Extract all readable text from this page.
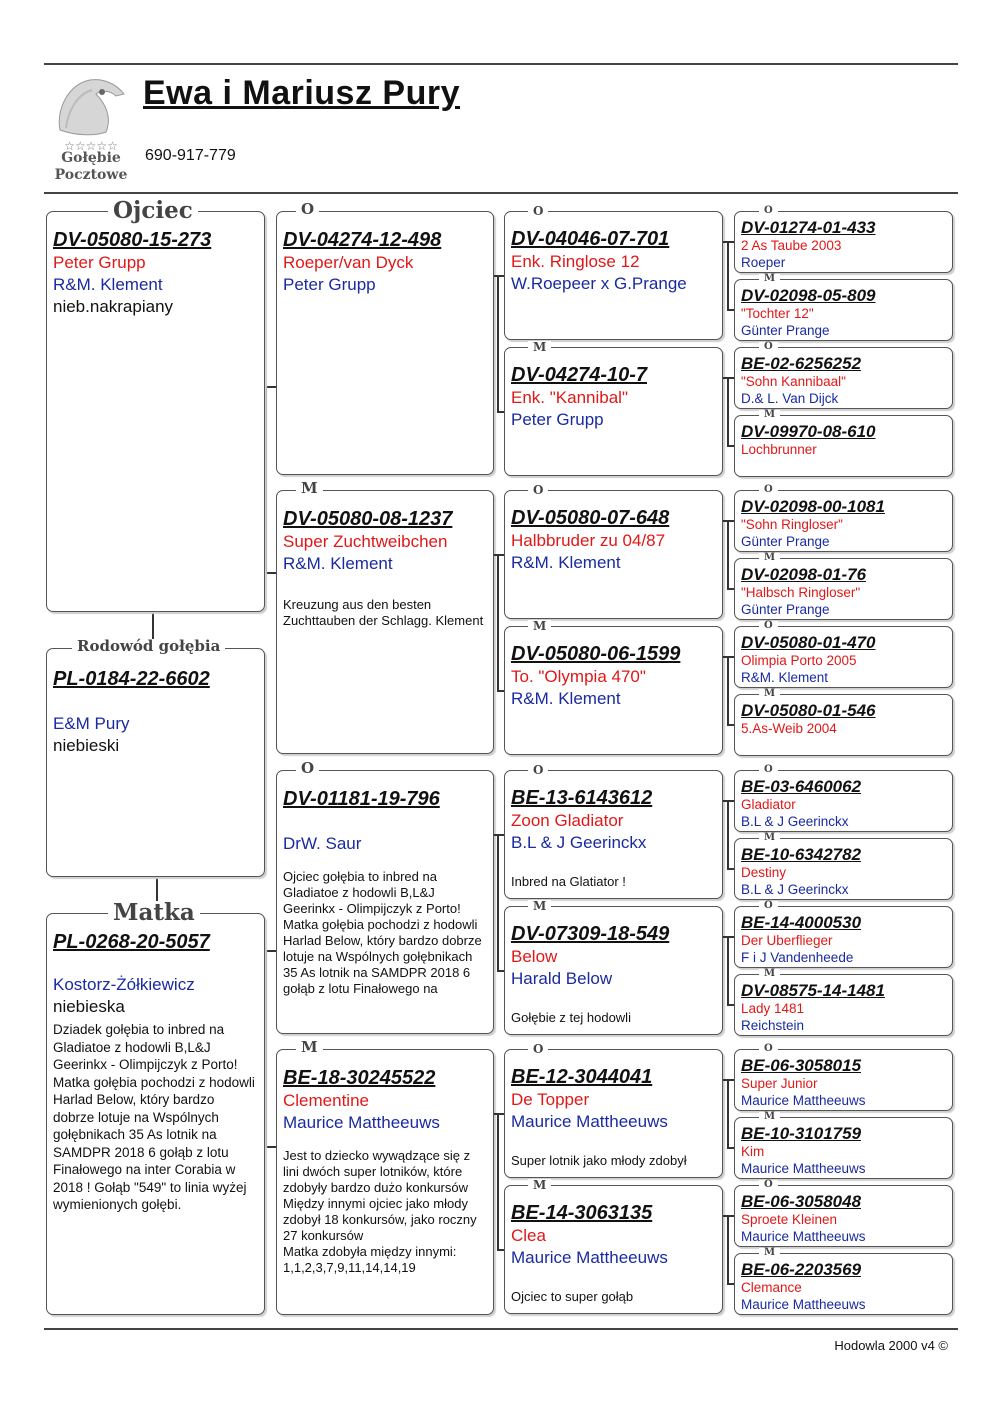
☆☆☆☆☆
Gołębie
Pocztowe
Ewa i Mariusz Pury
690-917-779
DV-05080-15-273
Peter Grupp
R&M. Klement
nieb.nakrapiany
Ojciec
PL-0184-22-6602
E&M Pury
niebieski
Rodowód gołębia
PL-0268-20-5057
Kostorz-Żółkiewicz
niebieska
Dziadek gołębia to inbred na Gladiatoe z hodowli B,L&J Geerinkx - Olimpijczyk z Porto! Matka gołębia pochodzi z hodowli Harlad Below, który bardzo dobrze lotuje na Wspólnych gołębnikach 35 As lotnik na SAMDPR 2018 6 gołąb z lotu Finałowego na inter Corabia w 2018 ! Gołąb "549" to linia wyżej wymienionych gołębi.
Matka
DV-04274-12-498
Roeper/van Dyck
Peter Grupp
O
DV-05080-08-1237
Super Zuchtweibchen
R&M. Klement
Kreuzung aus den besten Zuchttauben der Schlagg. Klement
M
DV-01181-19-796
DrW. Saur
Ojciec gołębia to inbred na Gladiatoe z hodowli B,L&J Geerinkx - Olimpijczyk z Porto! Matka gołębia pochodzi z hodowli Harlad Below, który bardzo dobrze lotuje na Wspólnych gołębnikach 35 As lotnik na SAMDPR 2018 6 gołąb z lotu Finałowego na
O
BE-18-30245522
Clementine
Maurice Mattheeuws
Jest to dziecko wywądzące się z lini dwóch super lotników, które zdobyły bardzo dużo konkursów
Między innymi ojciec jako młody zdobył 18 konkursów, jako roczny 27 konkursów
Matka zdobyła między innymi: 1,1,2,3,7,9,11,14,14,19
M
DV-04046-07-701
Enk. Ringlose 12
W.Roepeer x G.Prange
O
DV-04274-10-7
Enk. "Kannibal"
Peter Grupp
M
DV-05080-07-648
Halbbruder zu 04/87
R&M. Klement
O
DV-05080-06-1599
To. "Olympia 470"
R&M. Klement
M
BE-13-6143612
Zoon Gladiator
B.L & J Geerinckx
Inbred na Glatiator !
O
DV-07309-18-549
Below
Harald Below
Gołębie z tej hodowli
M
BE-12-3044041
De Topper
Maurice Mattheeuws
Super lotnik jako młody zdobył
O
BE-14-3063135
Clea
Maurice Mattheeuws
Ojciec to super gołąb
M
DV-01274-01-433
2 As Taube 2003
Roeper
O
DV-02098-05-809
"Tochter 12"
Günter Prange
M
BE-02-6256252
"Sohn Kannibaal"
D.& L. Van Dijck
O
DV-09970-08-610
Lochbrunner
M
DV-02098-00-1081
"Sohn Ringloser"
Günter Prange
O
DV-02098-01-76
"Halbsch Ringloser"
Günter Prange
M
DV-05080-01-470
Olimpia Porto 2005
R&M. Klement
O
DV-05080-01-546
5.As-Weib 2004
M
BE-03-6460062
Gladiator
B.L & J Geerinckx
O
BE-10-6342782
Destiny
B.L & J Geerinckx
M
BE-14-4000530
Der Uberflieger
F i J Vandenheede
O
DV-08575-14-1481
Lady 1481
Reichstein
M
BE-06-3058015
Super Junior
Maurice Mattheeuws
O
BE-10-3101759
Kim
Maurice Mattheeuws
M
BE-06-3058048
Sproete Kleinen
Maurice Mattheeuws
O
BE-06-2203569
Clemance
Maurice Mattheeuws
M
Hodowla 2000 v4 ©
